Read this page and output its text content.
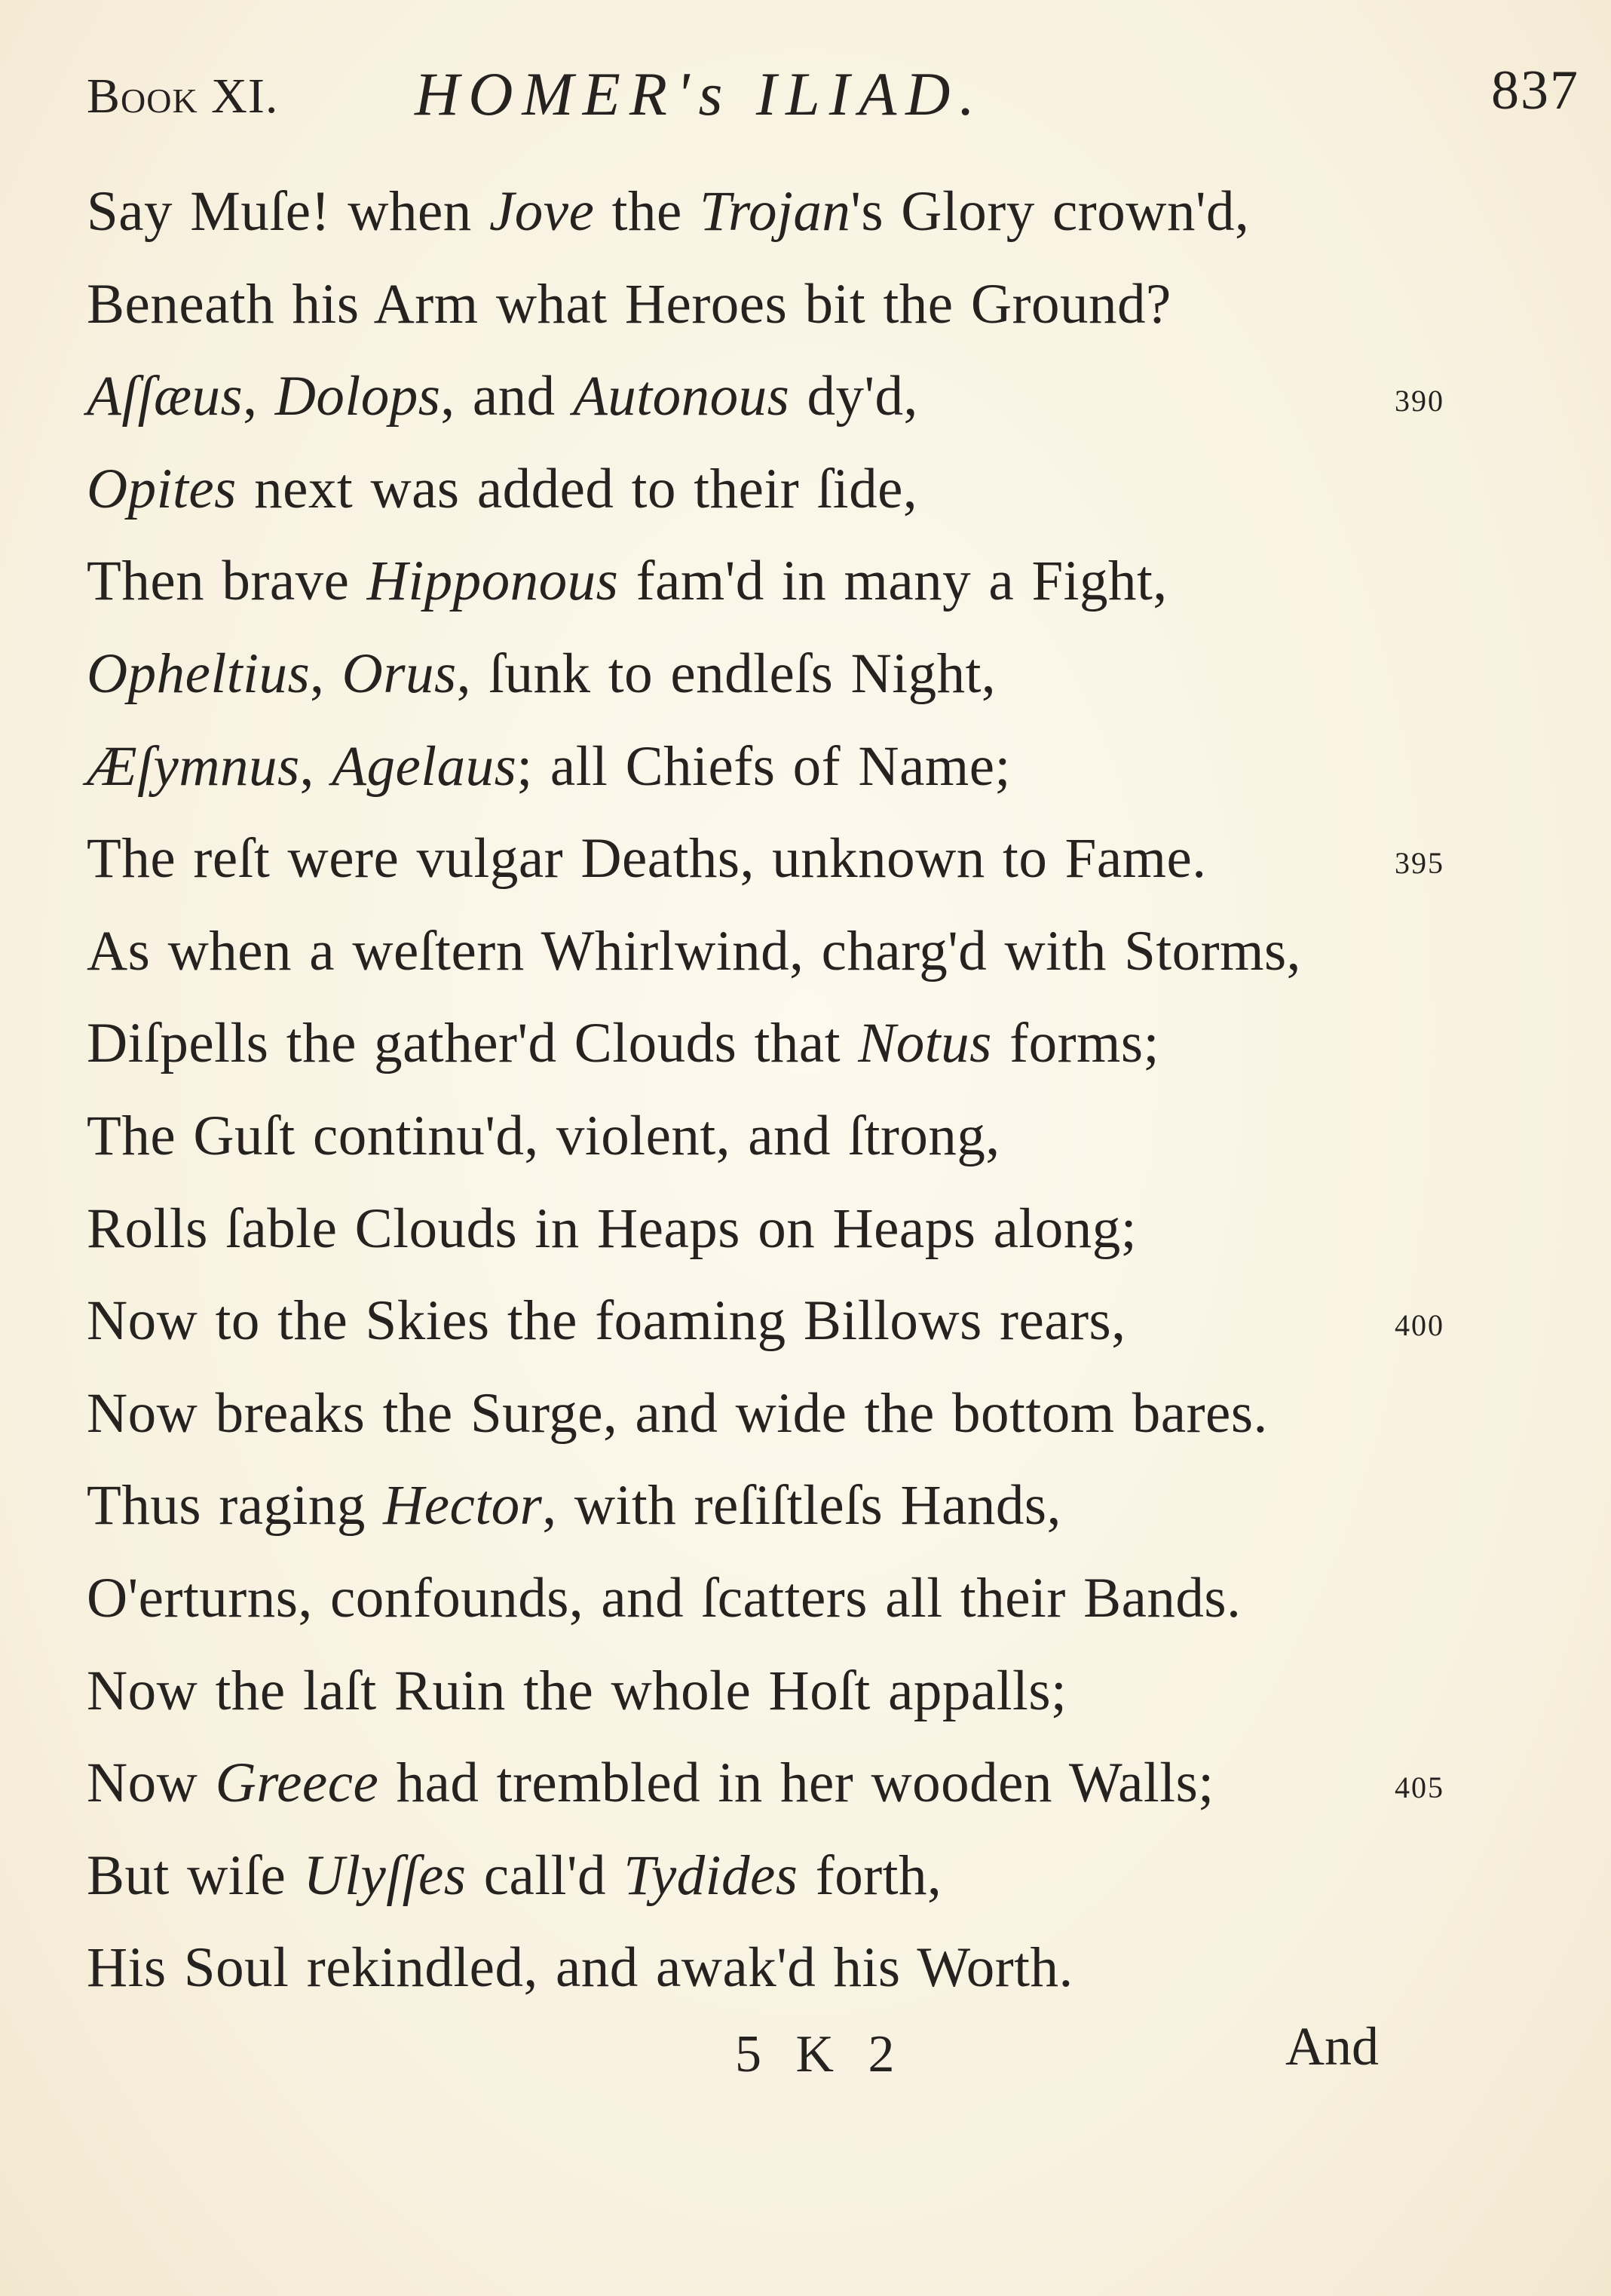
Book XI. HOMER's ILIAD.	837
Say Muſe! when Jove the Trojan's Glory crown'd,
Beneath his Arm what Heroes bit the Ground?
Aſſæus, Dolops, and Autonous dy'd,	390
Opites next was added to their ſide,
Then brave Hipponous fam'd in many a Fight,
Opheltius, Orus, ſunk to endleſs Night,
Æſymnus, Agelaus; all Chiefs of Name;
The reſt were vulgar Deaths, unknown to Fame.	395
As when a weſtern Whirlwind, charg'd with Storms,
Diſpells the gather'd Clouds that Notus forms;
The Guſt continu'd, violent, and ſtrong,
Rolls ſable Clouds in Heaps on Heaps along;
Now to the Skies the foaming Billows rears,	400
Now breaks the Surge, and wide the bottom bares.
Thus raging Hector, with reſiſtleſs Hands,
O'erturns, confounds, and ſcatters all their Bands.
Now the laſt Ruin the whole Hoſt appalls;
Now Greece had trembled in her wooden Walls;	405
But wiſe Ulyſſes call'd Tydides forth,
His Soul rekindled, and awak'd his Worth.
5 K 2	And
